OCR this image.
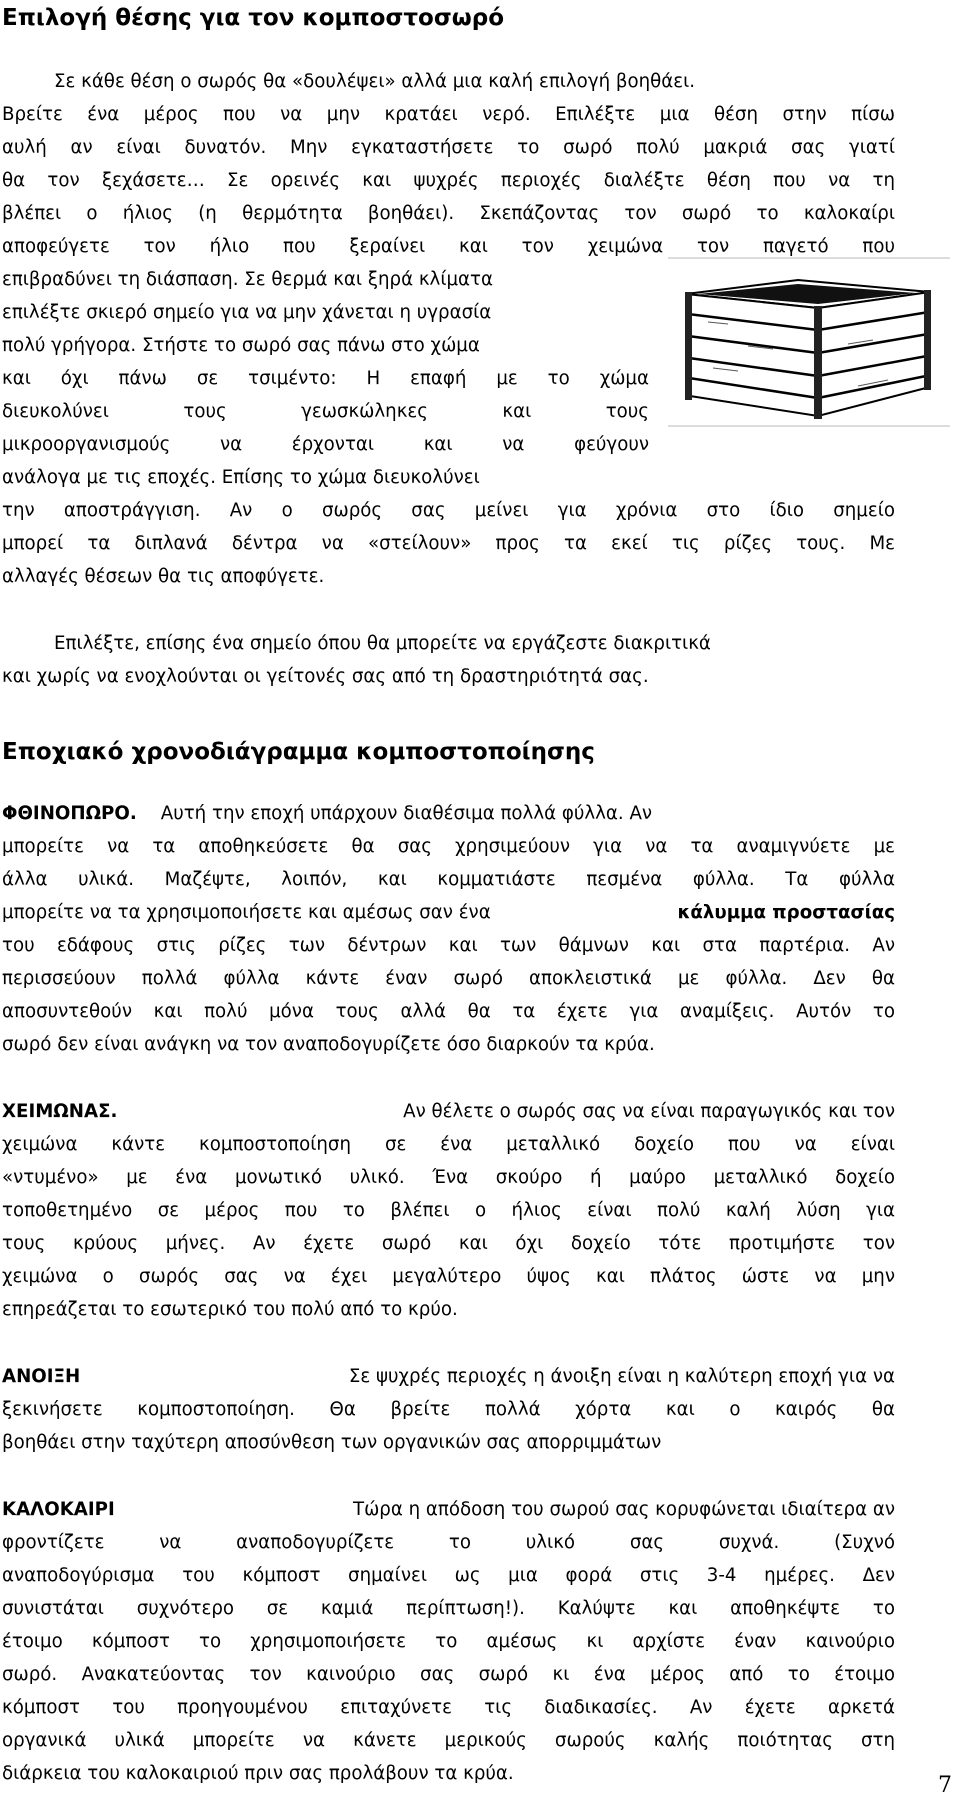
Επιλογή θέσης για τον κομποστοσωρό
Σε κάθε θέση ο σωρός θα «δουλέψει» αλλά μια καλή επιλογή βοηθάει.
Βρείτε ένα μέρος που να μην κρατάει νερό. Επιλέξτε μια θέση στην πίσω
αυλή αν είναι δυνατόν. Μην εγκαταστήσετε το σωρό πολύ μακριά σας γιατί
θα τον ξεχάσετε… Σε ορεινές και ψυχρές περιοχές διαλέξτε θέση που να τη
βλέπει ο ήλιος (η θερμότητα βοηθάει). Σκεπάζοντας τον σωρό το καλοκαίρι
αποφεύγετε τον ήλιο που ξεραίνει και τον χειμώνα τον παγετό που
επιβραδύνει τη διάσπαση. Σε θερμά και ξηρά κλίματα
επιλέξτε σκιερό σημείο για να μην χάνεται η υγρασία
πολύ γρήγορα. Στήστε το σωρό σας πάνω στο χώμα
και όχι πάνω σε τσιμέντο: Η επαφή με το χώμα
διευκολύνει τους γεωσκώληκες και τους
μικροοργανισμούς να έρχονται και να φεύγουν
ανάλογα με τις εποχές. Επίσης το χώμα διευκολύνει
την αποστράγγιση. Αν ο σωρός σας μείνει για χρόνια στο ίδιο σημείο
μπορεί τα διπλανά δέντρα να «στείλουν» προς τα εκεί τις ρίζες τους. Με
αλλαγές θέσεων θα τις αποφύγετε.
Επιλέξτε, επίσης ένα σημείο όπου θα μπορείτε να εργάζεστε διακριτικά
και χωρίς να ενοχλούνται οι γείτονές σας από τη δραστηριότητά σας.
Εποχιακό χρονοδιάγραμμα κομποστοποίησης
ΦΘΙΝΟΠΩΡΟ. Αυτή την εποχή υπάρχουν διαθέσιμα πολλά φύλλα. Αν
μπορείτε να τα αποθηκεύσετε θα σας χρησιμεύουν για να τα αναμιγνύετε με
άλλα υλικά. Μαζέψτε, λοιπόν, και κομματιάστε πεσμένα φύλλα. Τα φύλλα
μπορείτε να τα χρησιμοποιήσετε και αμέσως σαν ένα	κάλυμμα προστασίας
του εδάφους στις ρίζες των δέντρων και των θάμνων και στα παρτέρια. Αν
περισσεύουν πολλά φύλλα κάντε έναν σωρό αποκλειστικά με φύλλα. Δεν θα
αποσυντεθούν και πολύ μόνα τους αλλά θα τα έχετε για αναμίξεις. Αυτόν το
σωρό δεν είναι ανάγκη να τον αναποδογυρίζετε όσο διαρκούν τα κρύα.
ΧΕΙΜΩΝΑΣ.	Αν θέλετε ο σωρός σας να είναι παραγωγικός και τον
χειμώνα κάντε κομποστοποίηση σε ένα μεταλλικό δοχείο που να είναι
«ντυμένο» με ένα μονωτικό υλικό. Ένα σκούρο ή μαύρο μεταλλικό δοχείο
τοποθετημένο σε μέρος που το βλέπει ο ήλιος είναι πολύ καλή λύση για
τους κρύους μήνες. Αν έχετε σωρό και όχι δοχείο τότε προτιμήστε τον
χειμώνα ο σωρός σας να έχει μεγαλύτερο ύψος και πλάτος ώστε να μην
επηρεάζεται το εσωτερικό του πολύ από το κρύο.
ΑΝΟΙΞΗ	Σε ψυχρές περιοχές η άνοιξη είναι η καλύτερη εποχή για να
ξεκινήσετε κομποστοποίηση. Θα βρείτε πολλά χόρτα και ο καιρός θα
βοηθάει στην ταχύτερη αποσύνθεση των οργανικών σας απορριμμάτων
ΚΑΛΟΚΑΙΡΙ	Τώρα η απόδοση του σωρού σας κορυφώνεται ιδιαίτερα αν
φροντίζετε να αναποδογυρίζετε το υλικό σας συχνά. (Συχνό
αναποδογύρισμα του κόμποστ σημαίνει ως μια φορά στις 3-4 ημέρες. Δεν
συνιστάται συχνότερο σε καμιά περίπτωση!). Καλύψτε και αποθηκέψτε το
έτοιμο κόμποστ το χρησιμοποιήσετε το αμέσως κι αρχίστε έναν καινούριο
σωρό. Ανακατεύοντας τον καινούριο σας σωρό κι ένα μέρος από το έτοιμο
κόμποστ του προηγουμένου επιταχύνετε τις διαδικασίες. Αν έχετε αρκετά
οργανικά υλικά μπορείτε να κάνετε μερικούς σωρούς καλής ποιότητας στη
διάρκεια του καλοκαιριού πριν σας προλάβουν τα κρύα.	7
